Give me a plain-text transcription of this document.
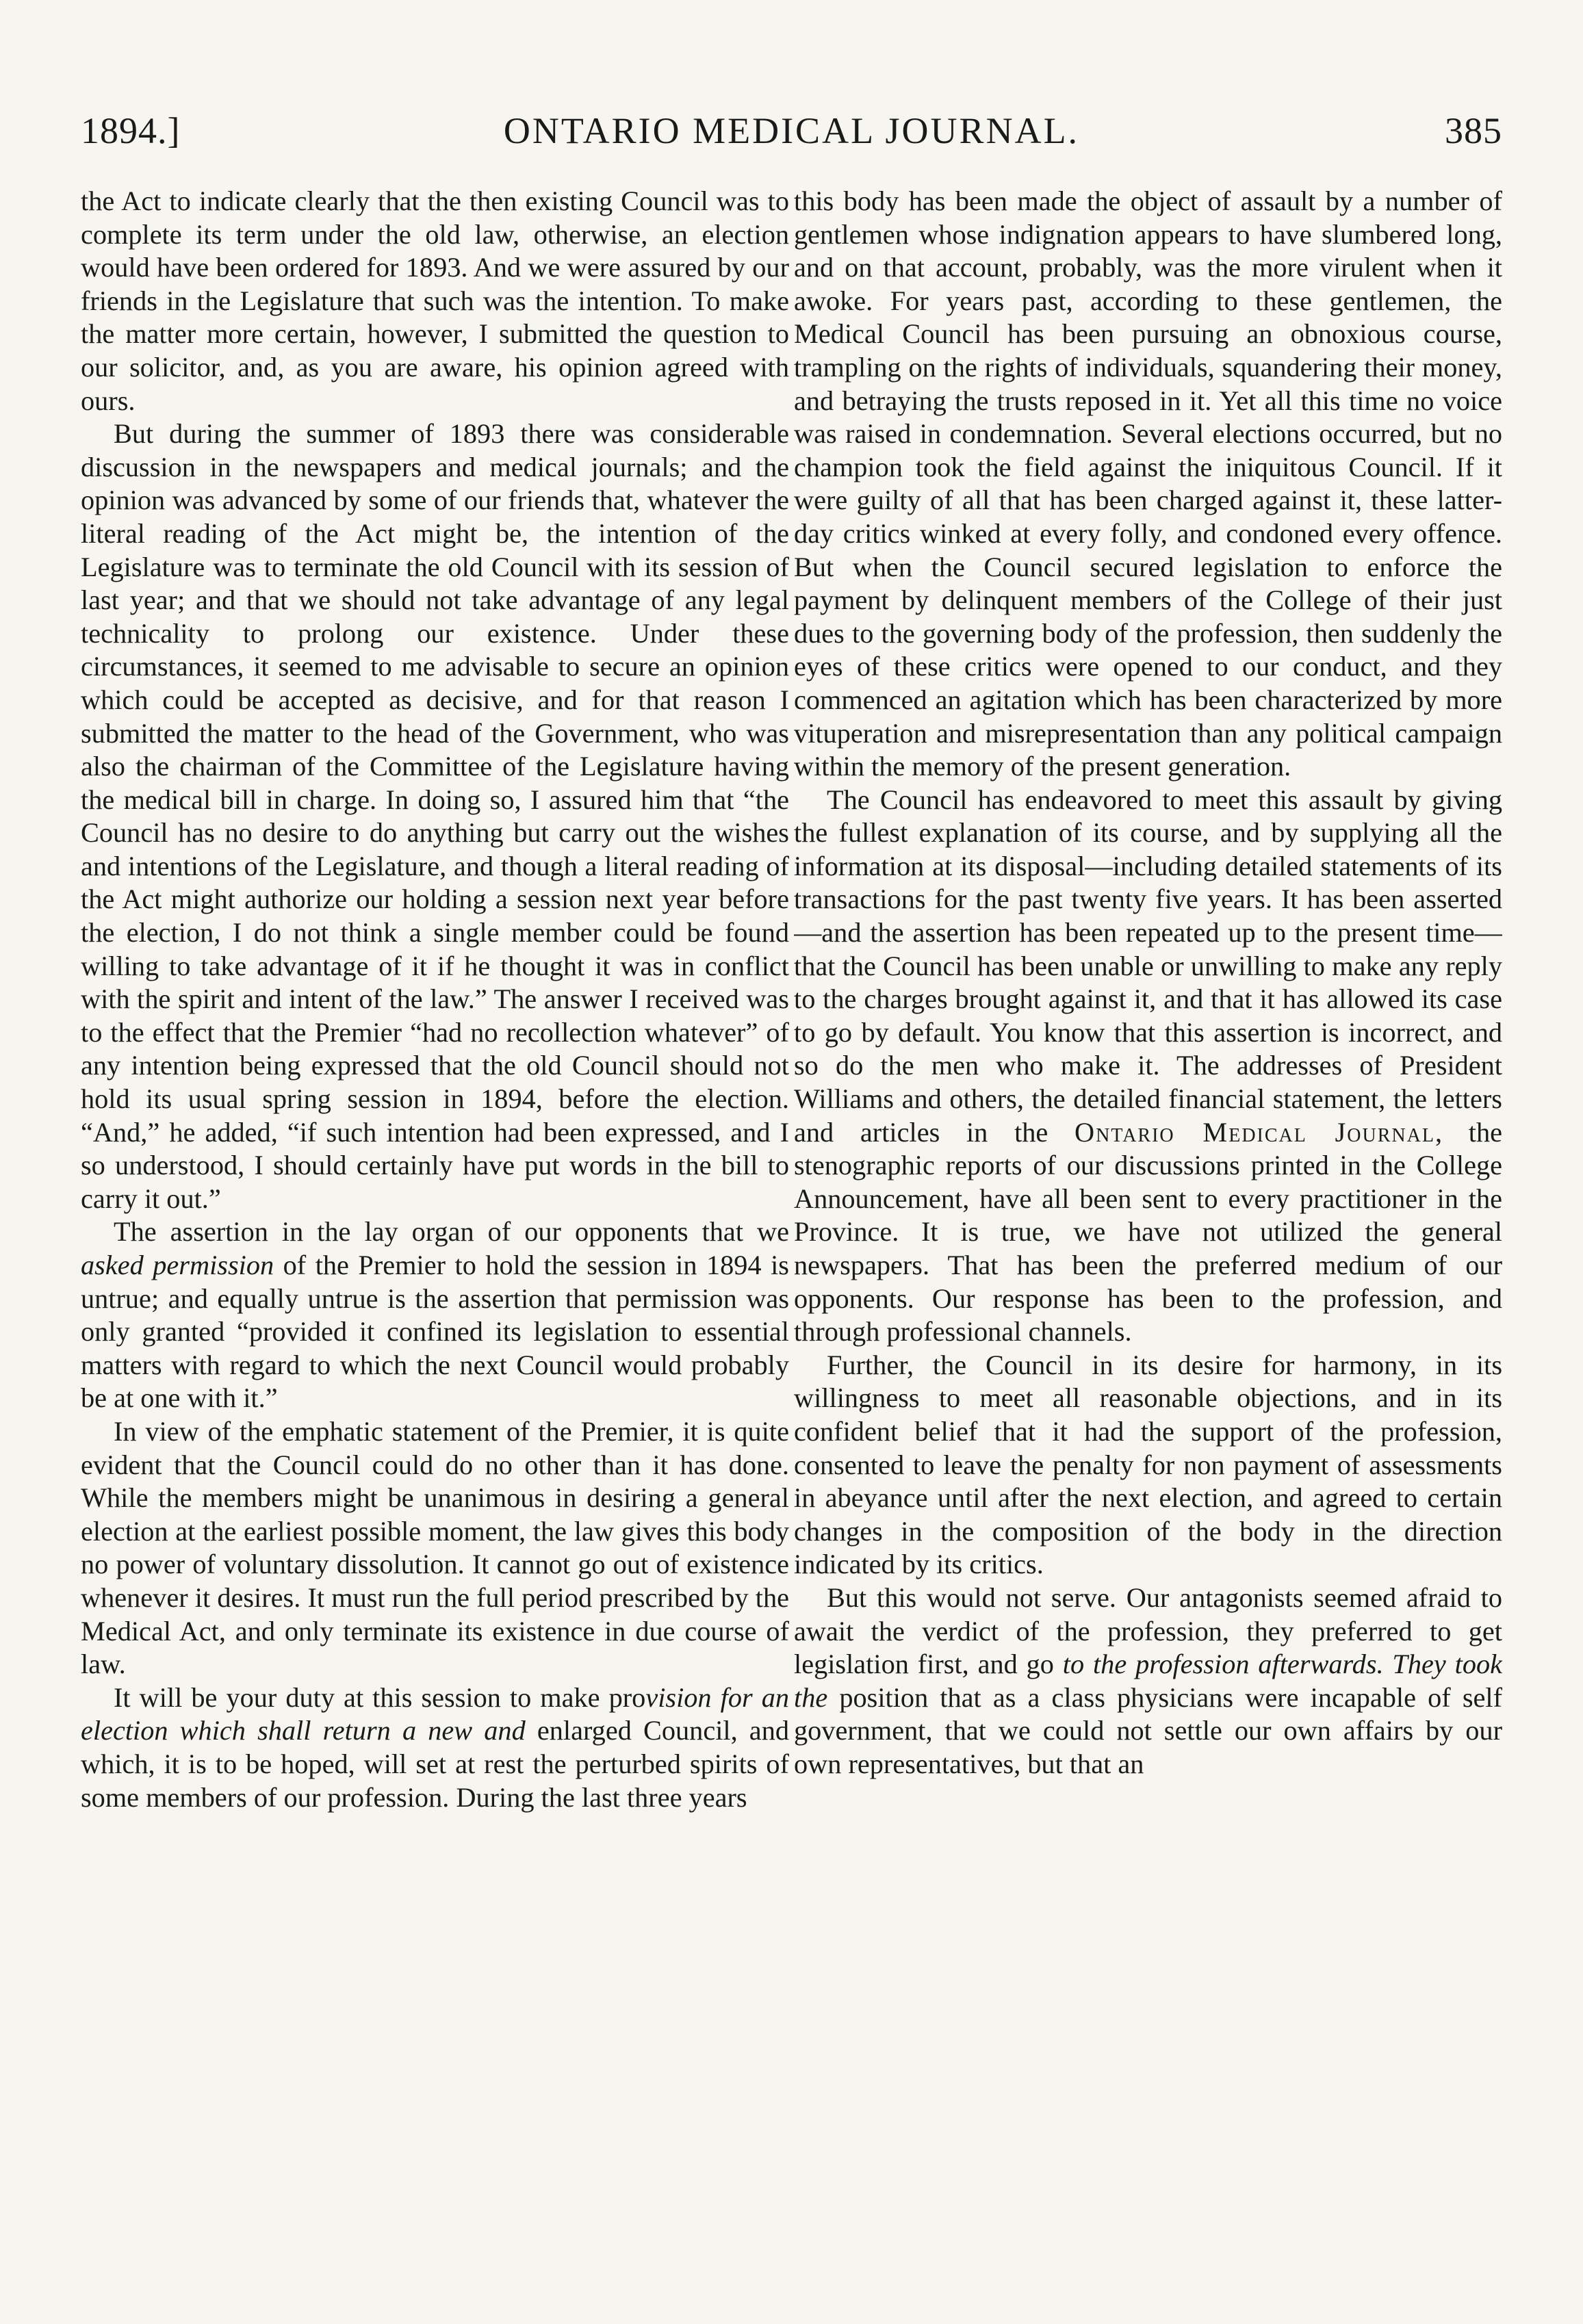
1894.]	ONTARIO MEDICAL JOURNAL.	385

the Act to indicate clearly that the then existing Council was to complete its term under the old law, otherwise, an election would have been ordered for 1893. And we were assured by our friends in the Legislature that such was the intention. To make the matter more certain, however, I submitted the question to our solicitor, and, as you are aware, his opinion agreed with ours.

But during the summer of 1893 there was considerable discussion in the newspapers and medical journals; and the opinion was advanced by some of our friends that, whatever the literal reading of the Act might be, the intention of the Legislature was to terminate the old Council with its session of last year; and that we should not take advantage of any legal technicality to prolong our existence. Under these circumstances, it seemed to me advisable to secure an opinion which could be accepted as decisive, and for that reason I submitted the matter to the head of the Government, who was also the chairman of the Committee of the Legislature having the medical bill in charge. In doing so, I assured him that “the Council has no desire to do anything but carry out the wishes and intentions of the Legislature, and though a literal reading of the Act might authorize our holding a session next year before the election, I do not think a single member could be found willing to take advantage of it if he thought it was in conflict with the spirit and intent of the law.” The answer I received was to the effect that the Premier “had no recollection whatever” of any intention being expressed that the old Council should not hold its usual spring session in 1894, before the election. “And,” he added, “if such intention had been expressed, and I so understood, I should certainly have put words in the bill to carry it out.”

The assertion in the lay organ of our opponents that we asked permission of the Premier to hold the session in 1894 is untrue; and equally untrue is the assertion that permission was only granted “provided it confined its legislation to essential matters with regard to which the next Council would probably be at one with it.”

In view of the emphatic statement of the Premier, it is quite evident that the Council could do no other than it has done. While the members might be unanimous in desiring a general election at the earliest possible moment, the law gives this body no power of voluntary dissolution. It cannot go out of existence whenever it desires. It must run the full period prescribed by the Medical Act, and only terminate its existence in due course of law.

It will be your duty at this session to make provision for an election which shall return a new and enlarged Council, and which, it is to be hoped, will set at rest the perturbed spirits of some members of our profession. During the last three years

this body has been made the object of assault by a number of gentlemen whose indignation appears to have slumbered long, and on that account, probably, was the more virulent when it awoke. For years past, according to these gentlemen, the Medical Council has been pursuing an obnoxious course, trampling on the rights of individuals, squandering their money, and betraying the trusts reposed in it. Yet all this time no voice was raised in condemnation. Several elections occurred, but no champion took the field against the iniquitous Council. If it were guilty of all that has been charged against it, these latter-day critics winked at every folly, and condoned every offence. But when the Council secured legislation to enforce the payment by delinquent members of the College of their just dues to the governing body of the profession, then suddenly the eyes of these critics were opened to our conduct, and they commenced an agitation which has been characterized by more vituperation and misrepresentation than any political campaign within the memory of the present generation.

The Council has endeavored to meet this assault by giving the fullest explanation of its course, and by supplying all the information at its disposal—including detailed statements of its transactions for the past twenty five years. It has been asserted—and the assertion has been repeated up to the present time—that the Council has been unable or unwilling to make any reply to the charges brought against it, and that it has allowed its case to go by default. You know that this assertion is incorrect, and so do the men who make it. The addresses of President Williams and others, the detailed financial statement, the letters and articles in the Ontario Medical Journal, the stenographic reports of our discussions printed in the College Announcement, have all been sent to every practitioner in the Province. It is true, we have not utilized the general newspapers. That has been the preferred medium of our opponents. Our response has been to the profession, and through professional channels.

Further, the Council in its desire for harmony, in its willingness to meet all reasonable objections, and in its confident belief that it had the support of the profession, consented to leave the penalty for non payment of assessments in abeyance until after the next election, and agreed to certain changes in the composition of the body in the direction indicated by its critics.

But this would not serve. Our antagonists seemed afraid to await the verdict of the profession, they preferred to get legislation first, and go to the profession afterwards. They took the position that as a class physicians were incapable of self government, that we could not settle our own affairs by our own representatives, but that an
